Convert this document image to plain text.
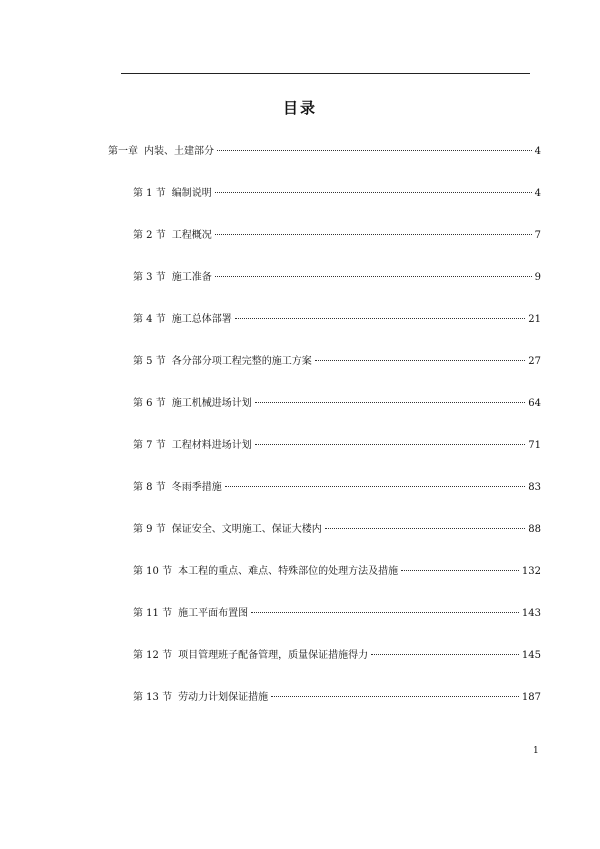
目录
第一章 内装、土建部分	4
第 1 节 编制说明	4
第 2 节 工程概况	7
第 3 节 施工准备	9
第 4 节 施工总体部署	21
第 5 节 各分部分项工程完整的施工方案	27
第 6 节 施工机械进场计划	64
第 7 节 工程材料进场计划	71
第 8 节 冬雨季措施	83
第 9 节 保证安全、文明施工、保证大楼内	88
第 10 节 本工程的重点、难点、特殊部位的处理方法及措施	132
第 11 节 施工平面布置图	143
第 12 节 项目管理班子配备管理，质量保证措施得力	145
第 13 节 劳动力计划保证措施	187
1
